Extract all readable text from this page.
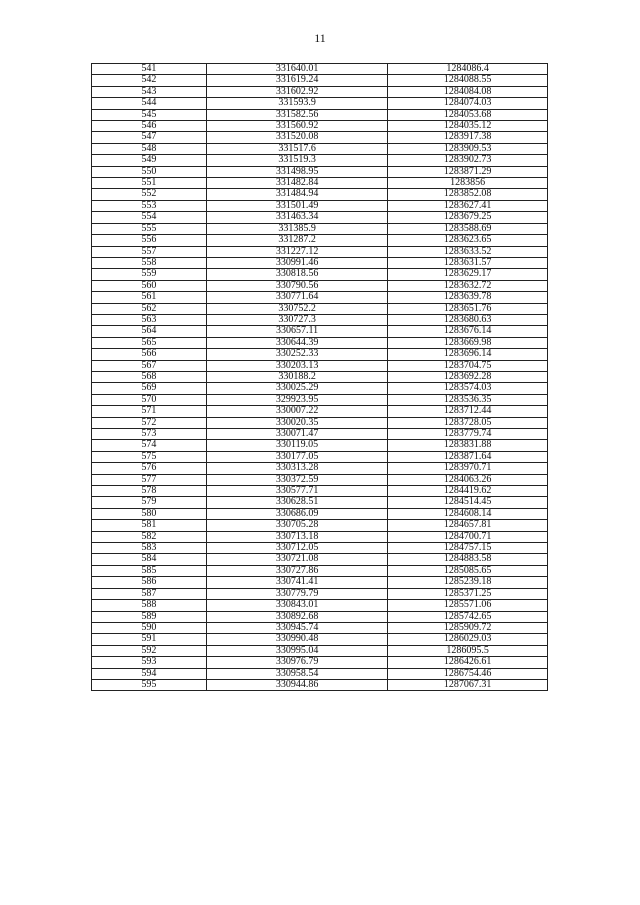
11
541	331640.01	1284086.4
542	331619.24	1284088.55
543	331602.92	1284084.08
544	331593.9	1284074.03
545	331582.56	1284053.68
546	331560.92	1284035.12
547	331520.08	1283917.38
548	331517.6	1283909.53
549	331519.3	1283902.73
550	331498.95	1283871.29
551	331482.84	1283856
552	331484.94	1283852.08
553	331501.49	1283627.41
554	331463.34	1283679.25
555	331385.9	1283588.69
556	331287.2	1283623.65
557	331227.12	1283633.52
558	330991.46	1283631.57
559	330818.56	1283629.17
560	330790.56	1283632.72
561	330771.64	1283639.78
562	330752.2	1283651.76
563	330727.3	1283680.63
564	330657.11	1283676.14
565	330644.39	1283669.98
566	330252.33	1283696.14
567	330203.13	1283704.75
568	330188.2	1283692.28
569	330025.29	1283574.03
570	329923.95	1283536.35
571	330007.22	1283712.44
572	330020.35	1283728.05
573	330071.47	1283779.74
574	330119.05	1283831.88
575	330177.05	1283871.64
576	330313.28	1283970.71
577	330372.59	1284063.26
578	330577.71	1284419.62
579	330628.51	1284514.45
580	330686.09	1284608.14
581	330705.28	1284657.81
582	330713.18	1284700.71
583	330712.05	1284757.15
584	330721.08	1284883.58
585	330727.86	1285085.65
586	330741.41	1285239.18
587	330779.79	1285371.25
588	330843.01	1285571.06
589	330892.68	1285742.65
590	330945.74	1285909.72
591	330990.48	1286029.03
592	330995.04	1286095.5
593	330976.79	1286426.61
594	330958.54	1286754.46
595	330944.86	1287067.31
